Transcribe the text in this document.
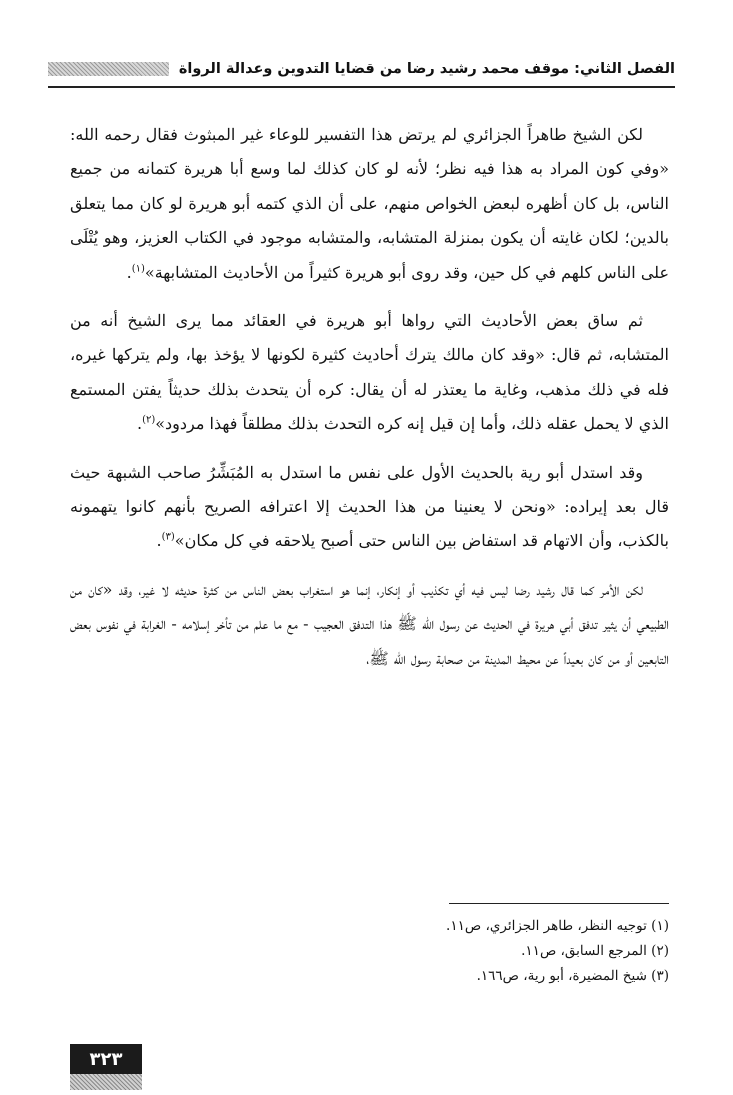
الفصل الثاني: موقف محمد رشيد رضا من قضايا التدوين وعدالة الرواة

لكن الشيخ طاهراً الجزائري لم يرتض هذا التفسير للوعاء غير المبثوث فقال رحمه الله: «وفي كون المراد به هذا فيه نظر؛ لأنه لو كان كذلك لما وسع أبا هريرة كتمانه من جميع الناس، بل كان أظهره لبعض الخواص منهم، على أن الذي كتمه أبو هريرة لو كان مما يتعلق بالدين؛ لكان غايته أن يكون بمنزلة المتشابه، والمتشابه موجود في الكتاب العزيز، وهو يُتْلَى على الناس كلهم في كل حين، وقد روى أبو هريرة كثيراً من الأحاديث المتشابهة»$^{(١)}$.

ثم ساق بعض الأحاديث التي رواها أبو هريرة في العقائد مما يرى الشيخ أنه من المتشابه، ثم قال: «وقد كان مالك يترك أحاديث كثيرة لكونها لا يؤخذ بها، ولم يتركها غيره، فله في ذلك مذهب، وغاية ما يعتذر له أن يقال: كره أن يتحدث بذلك حديثاً يفتن المستمع الذي لا يحمل عقله ذلك، وأما إن قيل إنه كره التحدث بذلك مطلقاً فهذا مردود»$^{(٢)}$.

وقد استدل أبو رية بالحديث الأول على نفس ما استدل به المُبَشِّرُ صاحب الشبهة حيث قال بعد إيراده: «ونحن لا يعنينا من هذا الحديث إلا اعترافه الصريح بأنهم كانوا يتهمونه بالكذب، وأن الاتهام قد استفاض بين الناس حتى أصبح يلاحقه في كل مكان»$^{(٣)}$.

لكن الأمر كما قال رشيد رضا ليس فيه أي تكذيب أو إنكار، إنما هو استغراب بعض الناس من كثرة حديثه لا غير، وقد «كان من الطبيعي أن يثير تدفق أبي هريرة في الحديث عن رسول الله ﷺ هذا التدفق العجيب - مع ما علم من تأخر إسلامه - الغرابة في نفوس بعض التابعين أو من كان بعيداً عن محيط المدينة من صحابة رسول الله ﷺ،

(١) توجيه النظر، طاهر الجزائري، ص١١.
(٢) المرجع السابق، ص١١.
(٣) شيخ المضيرة، أبو رية، ص١٦٦.
٣٢٣
